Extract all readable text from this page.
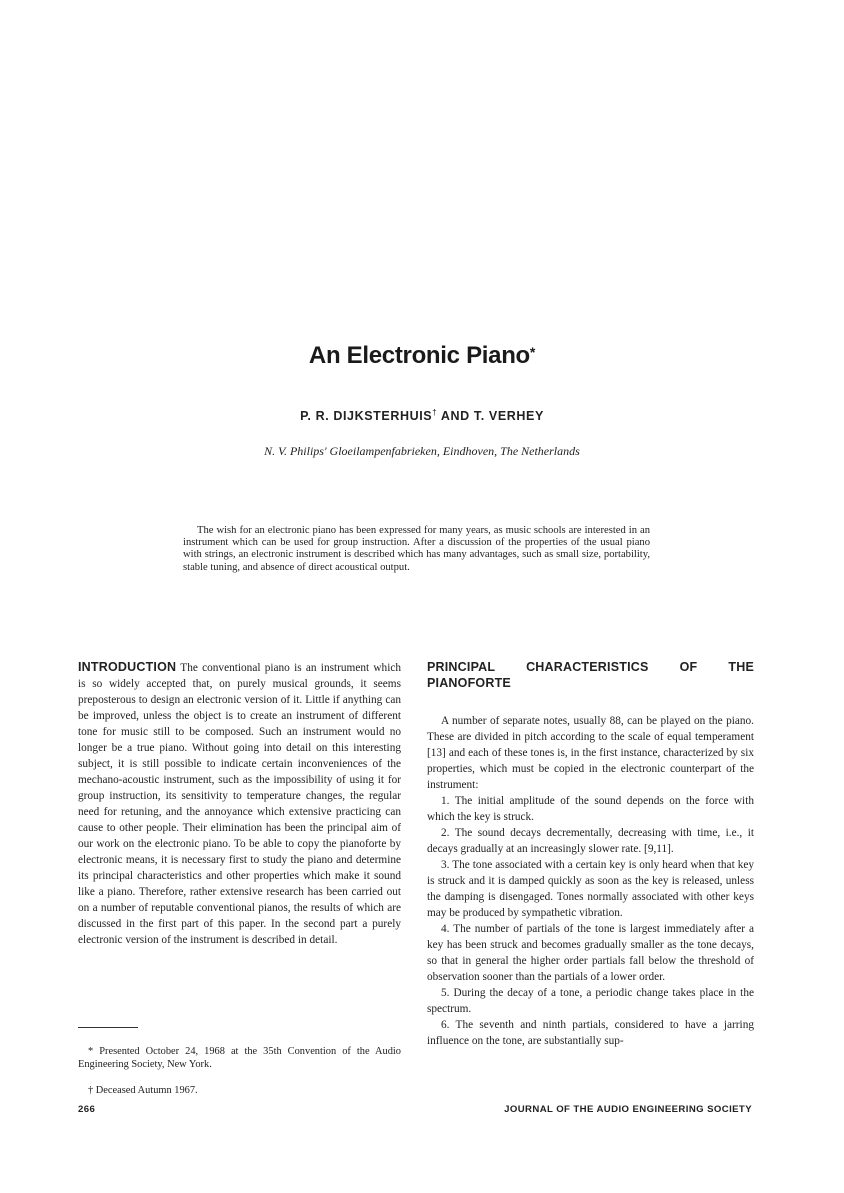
An Electronic Piano*
P. R. DIJKSTERHUIS† AND T. VERHEY
N. V. Philips' Gloeilampenfabrieken, Eindhoven, The Netherlands

The wish for an electronic piano has been expressed for many years, as music schools are interested in an instrument which can be used for group instruction. After a discussion of the properties of the usual piano with strings, an electronic instrument is described which has many advantages, such as small size, portability, stable tuning, and absence of direct acoustical output.

INTRODUCTION The conventional piano is an instrument which is so widely accepted that, on purely musical grounds, it seems preposterous to design an electronic version of it. Little if anything can be improved, unless the object is to create an instrument of different tone for music still to be composed. Such an instrument would no longer be a true piano. Without going into detail on this interesting subject, it is still possible to indicate certain inconveniences of the mechano-acoustic instrument, such as the impossibility of using it for group instruction, its sensitivity to temperature changes, the regular need for retuning, and the annoyance which extensive practicing can cause to other people. Their elimination has been the principal aim of our work on the electronic piano. To be able to copy the pianoforte by electronic means, it is necessary first to study the piano and determine its principal characteristics and other properties which make it sound like a piano. Therefore, rather extensive research has been carried out on a number of reputable conventional pianos, the results of which are discussed in the first part of this paper. In the second part a purely electronic version of the instrument is described in detail.

PRINCIPAL CHARACTERISTICS OF THE PIANOFORTE

A number of separate notes, usually 88, can be played on the piano. These are divided in pitch according to the scale of equal temperament [13] and each of these tones is, in the first instance, characterized by six properties, which must be copied in the electronic counterpart of the instrument:

1. The initial amplitude of the sound depends on the force with which the key is struck.
2. The sound decays decrementally, decreasing with time, i.e., it decays gradually at an increasingly slower rate. [9,11].
3. The tone associated with a certain key is only heard when that key is struck and it is damped quickly as soon as the key is released, unless the damping is disengaged. Tones normally associated with other keys may be produced by sympathetic vibration.
4. The number of partials of the tone is largest immediately after a key has been struck and becomes gradually smaller as the tone decays, so that in general the higher order partials fall below the threshold of observation sooner than the partials of a lower order.
5. During the decay of a tone, a periodic change takes place in the spectrum.
6. The seventh and ninth partials, considered to have a jarring influence on the tone, are substantially sup-

* Presented October 24, 1968 at the 35th Convention of the Audio Engineering Society, New York.

† Deceased Autumn 1967.

266	JOURNAL OF THE AUDIO ENGINEERING SOCIETY
